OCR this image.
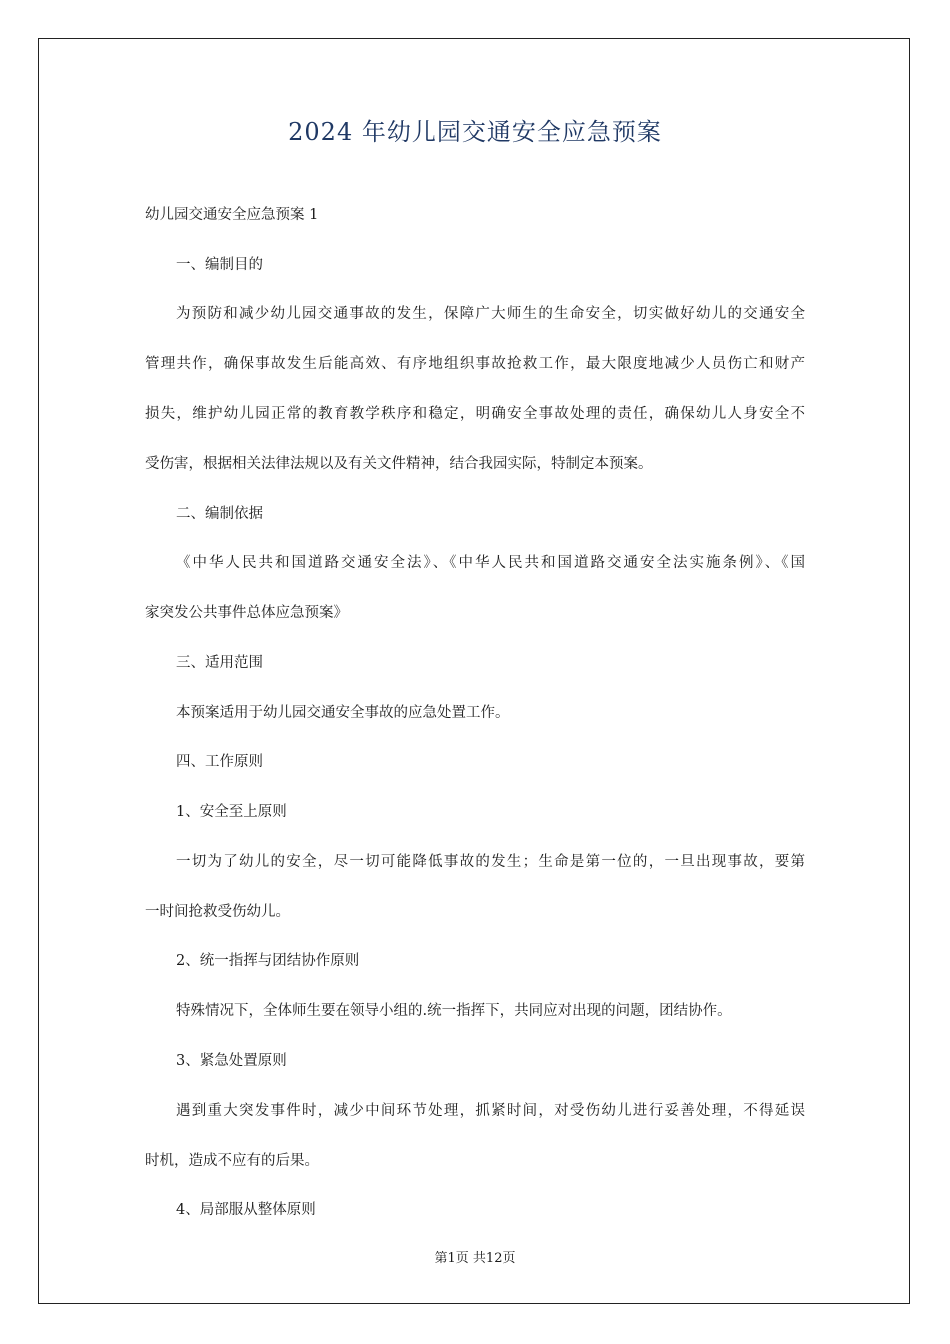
2024 年幼儿园交通安全应急预案
幼儿园交通安全应急预案 1
一、编制目的
为预防和减少幼儿园交通事故的发生，保障广大师生的生命安全，切实做好幼儿的交通安全
管理共作，确保事故发生后能高效、有序地组织事故抢救工作，最大限度地减少人员伤亡和财产
损失，维护幼儿园正常的教育教学秩序和稳定，明确安全事故处理的责任，确保幼儿人身安全不
受伤害，根据相关法律法规以及有关文件精神，结合我园实际，特制定本预案。
二、编制依据
《中华人民共和国道路交通安全法》、《中华人民共和国道路交通安全法实施条例》、《国
家突发公共事件总体应急预案》
三、适用范围
本预案适用于幼儿园交通安全事故的应急处置工作。
四、工作原则
1、安全至上原则
一切为了幼儿的安全，尽一切可能降低事故的发生；生命是第一位的，一旦出现事故，要第
一时间抢救受伤幼儿。
2、统一指挥与团结协作原则
特殊情况下，全体师生要在领导小组的.统一指挥下，共同应对出现的问题，团结协作。
3、紧急处置原则
遇到重大突发事件时，减少中间环节处理，抓紧时间，对受伤幼儿进行妥善处理，不得延误
时机，造成不应有的后果。
4、局部服从整体原则
第1页 共12页
